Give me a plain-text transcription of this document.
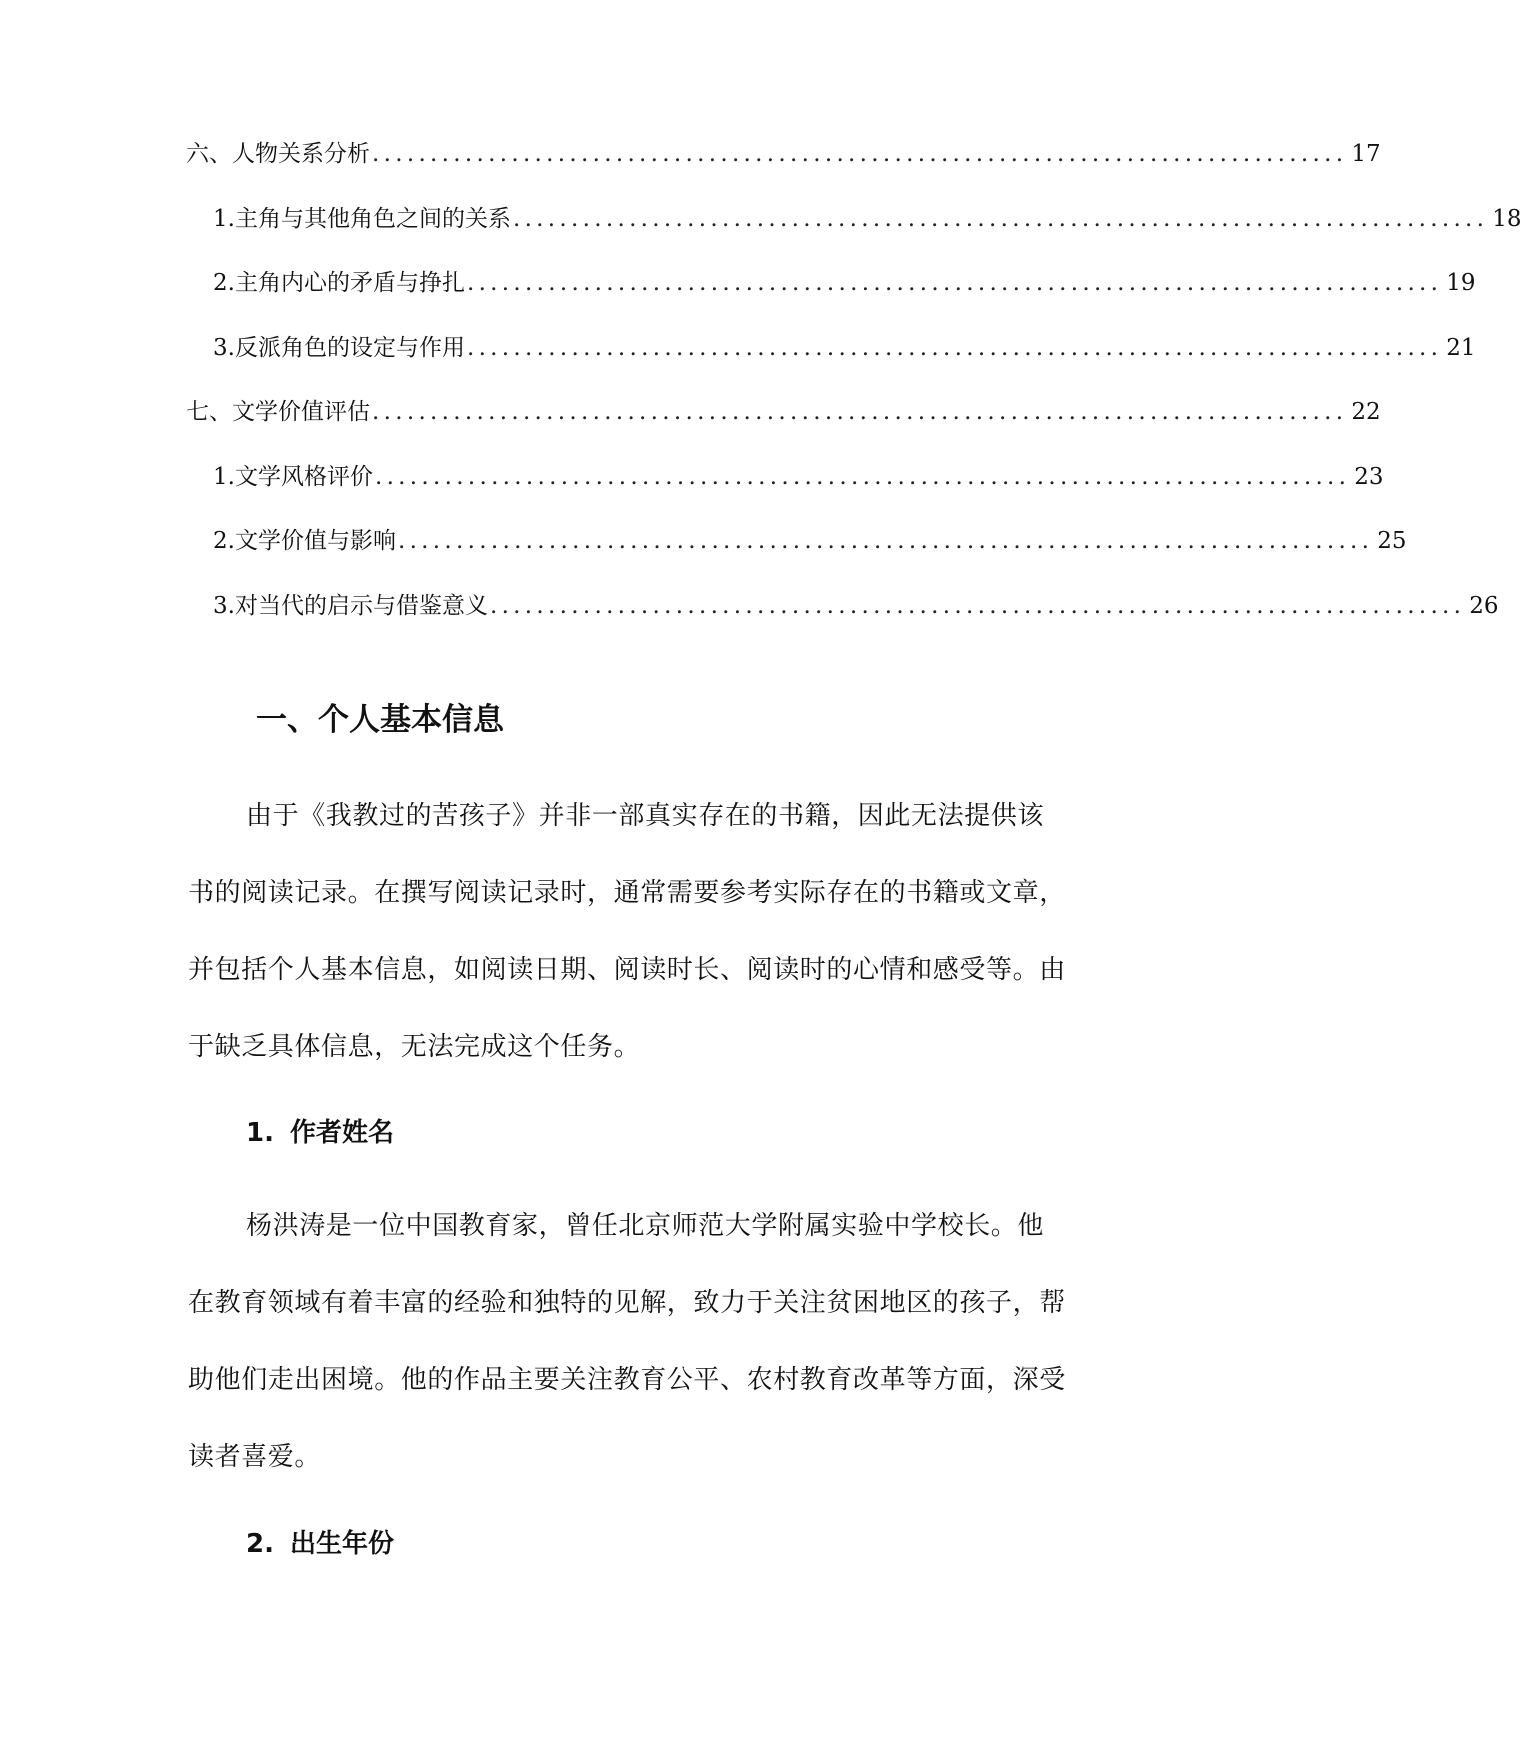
六、人物关系分析 .................................................................................... 17
1. 主角与其他角色之间的关系 .................................................................................... 18
2. 主角内心的矛盾与挣扎 .................................................................................... 19
3. 反派角色的设定与作用 .................................................................................... 21
七、文学价值评估 .................................................................................... 22
1. 文学风格评价 .................................................................................... 23
2. 文学价值与影响 .................................................................................... 25
3. 对当代的启示与借鉴意义 .................................................................................... 26
一、个人基本信息

由于《我教过的苦孩子》并非一部真实存在的书籍，因此无法提供该书的阅读记录。在撰写阅读记录时，通常需要参考实际存在的书籍或文章，并包括个人基本信息，如阅读日期、阅读时长、阅读时的心情和感受等。由于缺乏具体信息，无法完成这个任务。

1. 作者姓名

杨洪涛是一位中国教育家，曾任北京师范大学附属实验中学校长。他在教育领域有着丰富的经验和独特的见解，致力于关注贫困地区的孩子，帮助他们走出困境。他的作品主要关注教育公平、农村教育改革等方面，深受读者喜爱。

2. 出生年份
